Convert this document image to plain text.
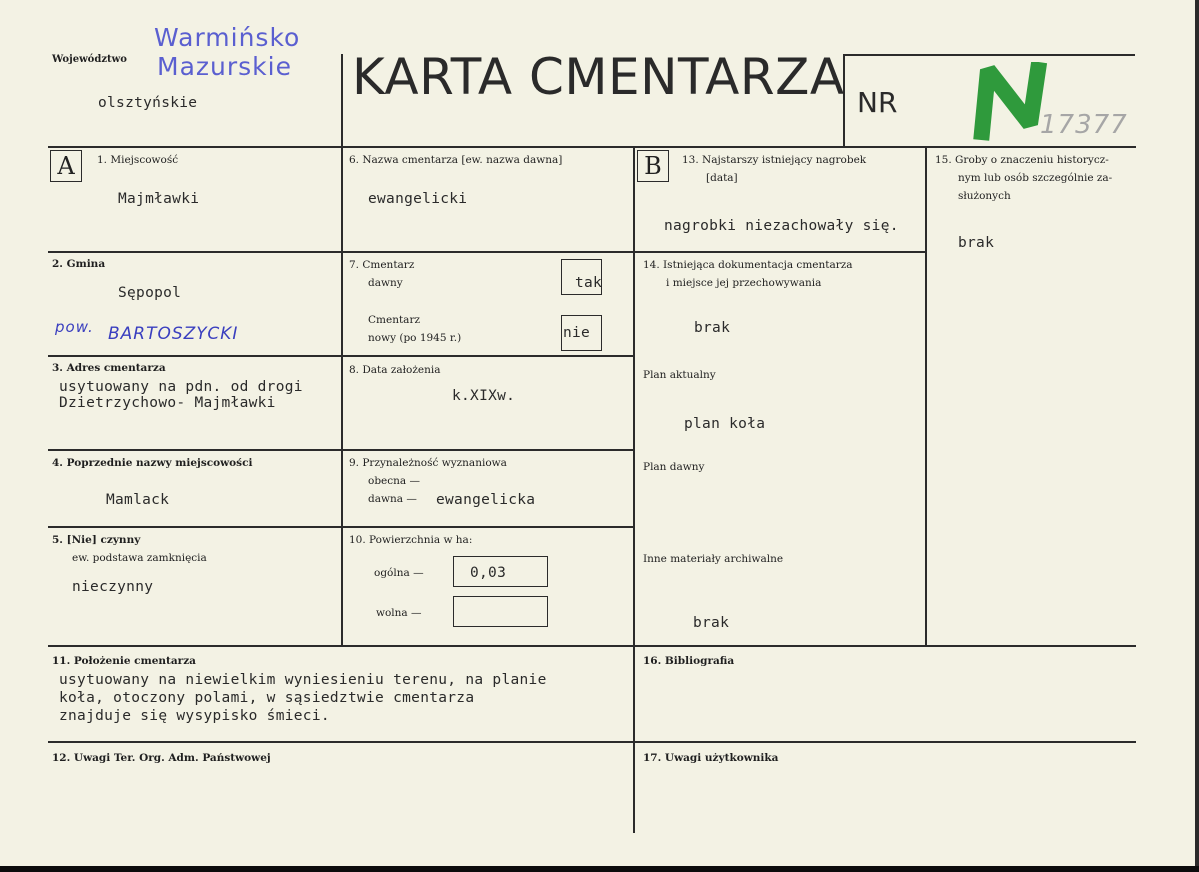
Województwo
Warmińsko
Mazurskie
olsztyńskie	KARTA CMENTARZA NR
17377
A	1. Miejscowość
Majmławki
2. Gmina
Sępopol
pow. BARTOSZYCKI
3. Adres cmentarza
usytuowany na pdn. od drogi
Dzietrzychowo- Majmławki
4. Poprzednie nazwy miejscowości
Mamlack
5. [Nie] czynny
ew. podstawa zamknięcia
nieczynny
6. Nazwa cmentarza [ew. nazwa dawna]
ewangelicki
7. Cmentarz
dawny	tak
Cmentarz
nowy (po 1945 r.)	nie
8. Data założenia
k.XIXw.
9. Przynależność wyznaniowa
obecna —
dawna — ewangelicka
10. Powierzchnia w ha:
ogólna —	0,03
wolna —
B	13. Najstarszy istniejący nagrobek
[data]
nagrobki niezachowały się.
14. Istniejąca dokumentacja cmentarza
i miejsce jej przechowywania
brak
Plan aktualny
plan koła
Plan dawny
Inne materiały archiwalne
brak
15. Groby o znaczeniu historycz-
nym lub osób szczególnie za-
służonych
brak
11. Położenie cmentarza
usytuowany na niewielkim wyniesieniu terenu, na planie
koła, otoczony polami, w sąsiedztwie cmentarza
znajduje się wysypisko śmieci.
16. Bibliografia
12. Uwagi Ter. Org. Adm. Państwowej	17. Uwagi użytkownika
